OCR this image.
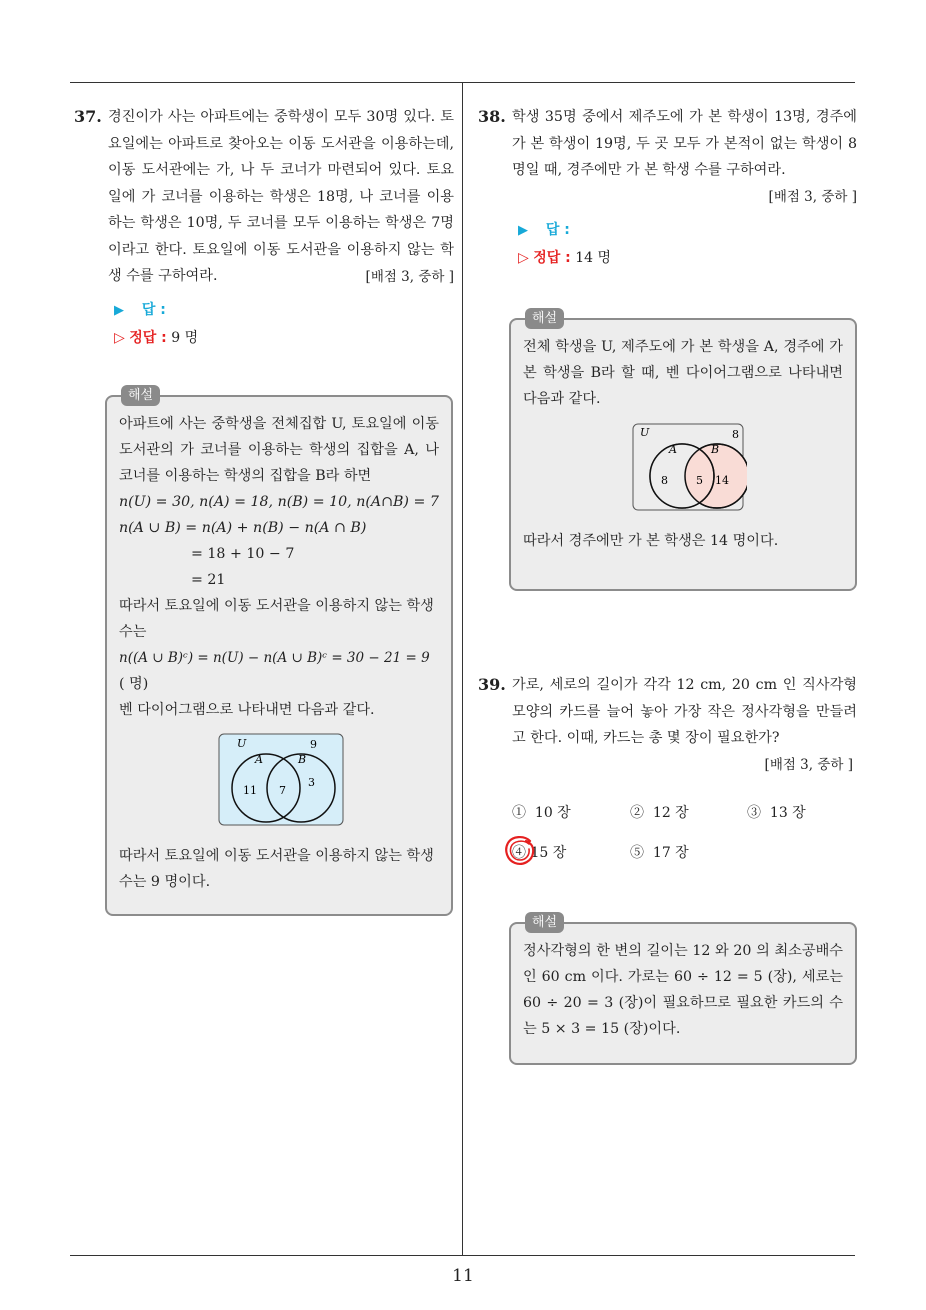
11
37. 경진이가 사는 아파트에는 중학생이 모두 30명 있다. 토요일에는 아파트로 찾아오는 이동 도서관을 이용하는데, 이동 도서관에는 가, 나 두 코너가 마련되어 있다. 토요일에 가 코너를 이용하는 학생은 18명, 나 코너를 이용하는 학생은 10명, 두 코너를 모두 이용하는 학생은 7명이라고 한다. 토요일에 이동 도서관을 이용하지 않는 학생 수를 구하여라.	[배점 3, 중하 ]
▶ 답 :
▷ 정답 : 9 명
해설

아파트에 사는 중학생을 전체집합 U, 토요일에 이동 도서관의 가 코너를 이용하는 학생의 집합을 A, 나 코너를 이용하는 학생의 집합을 B라 하면

n(U) = 30, n(A) = 18, n(B) = 10, n(A∩B) = 7

n(A ∪ B) = n(A) + n(B) − n(A ∩ B)

= 18 + 10 − 7

= 21

따라서 토요일에 이동 도서관을 이용하지 않는 학생 수는

n((A ∪ B)ᶜ) = n(U) − n(A ∪ B)ᶜ = 30 − 21 = 9

( 명)

벤 다이어그램으로 나타내면 다음과 같다.

U	9
A	B
11 7
3

따라서 토요일에 이동 도서관을 이용하지 않는 학생 수는 9 명이다.

38. 학생 35명 중에서 제주도에 가 본 학생이 13명, 경주에 가 본 학생이 19명, 두 곳 모두 가 본적이 없는 학생이 8명일 때, 경주에만 가 본 학생 수를 구하여라.
[배점 3, 중하 ]
▶ 답 :
▷ 정답 : 14 명
해설

전체 학생을 U, 제주도에 가 본 학생을 A, 경주에 가 본 학생을 B라 할 때, 벤 다이어그램으로 나타내면 다음과 같다.

U	8
A	B
8	5 14

따라서 경주에만 가 본 학생은 14 명이다.

39. 가로, 세로의 길이가 각각 12 cm, 20 cm 인 직사각형 모양의 카드를 늘어 놓아 가장 작은 정사각형을 만들려고 한다. 이때, 카드는 총 몇 장이 필요한가?
[배점 3, 중하 ]
① 10 장	② 12 장	③ 13 장
④ 15 장	⑤ 17 장
해설

정사각형의 한 변의 길이는 12 와 20 의 최소공배수인 60 cm 이다. 가로는 60 ÷ 12 = 5 (장), 세로는 60 ÷ 20 = 3 (장)이 필요하므로 필요한 카드의 수는 5 × 3 = 15 (장)이다.
